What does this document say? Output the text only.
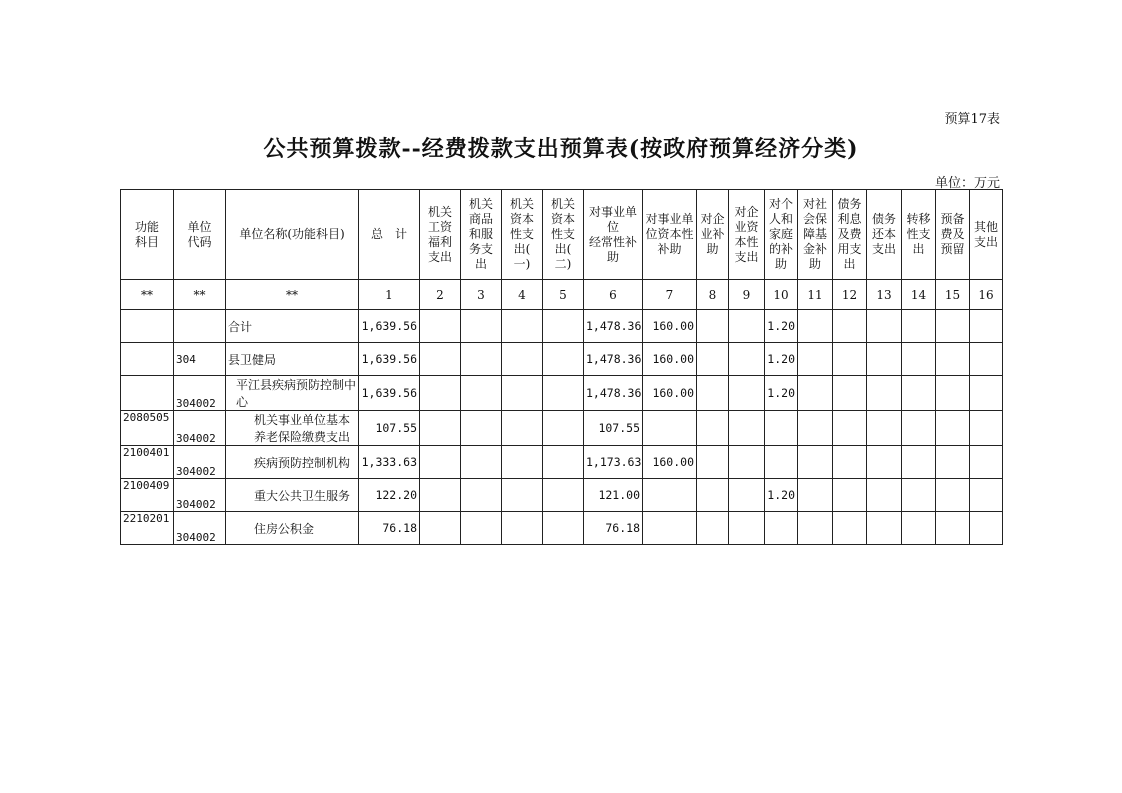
预算17表
公共预算拨款--经费拨款支出预算表(按政府预算经济分类)
单位：万元
功能
科目	单位
代码	单位名称(功能科目)	总　计	机关
工资
福利
支出	机关
商品
和服
务支
出	机关
资本
性支
出(
一)	机关
资本
性支
出(
二)	对事业单位
经常性补助	对事业单
位资本性
补助	对企
业补
助	对企
业资
本性
支出	对个
人和
家庭
的补
助	对社
会保
障基
金补
助	债务
利息
及费
用支
出	债务
还本
支出	转移
性支
出	预备
费及
预留	其他
支出
**	**	**	1	2	3	4	5	6	7	8	9	10	11	12	13	14	15	16
		合计	1,639.56					1,478.36	160.00			1.20						
	304	县卫健局	1,639.56					1,478.36	160.00			1.20						
	304002	平江县疾病预防控制中心	1,639.56					1,478.36	160.00			1.20						
2080505	304002	机关事业单位基本养老保险缴费支出	107.55					107.55										
2100401	304002	疾病预防控制机构	1,333.63					1,173.63	160.00									
2100409	304002	重大公共卫生服务	122.20					121.00				1.20						
2210201	304002	住房公积金	76.18					76.18										
